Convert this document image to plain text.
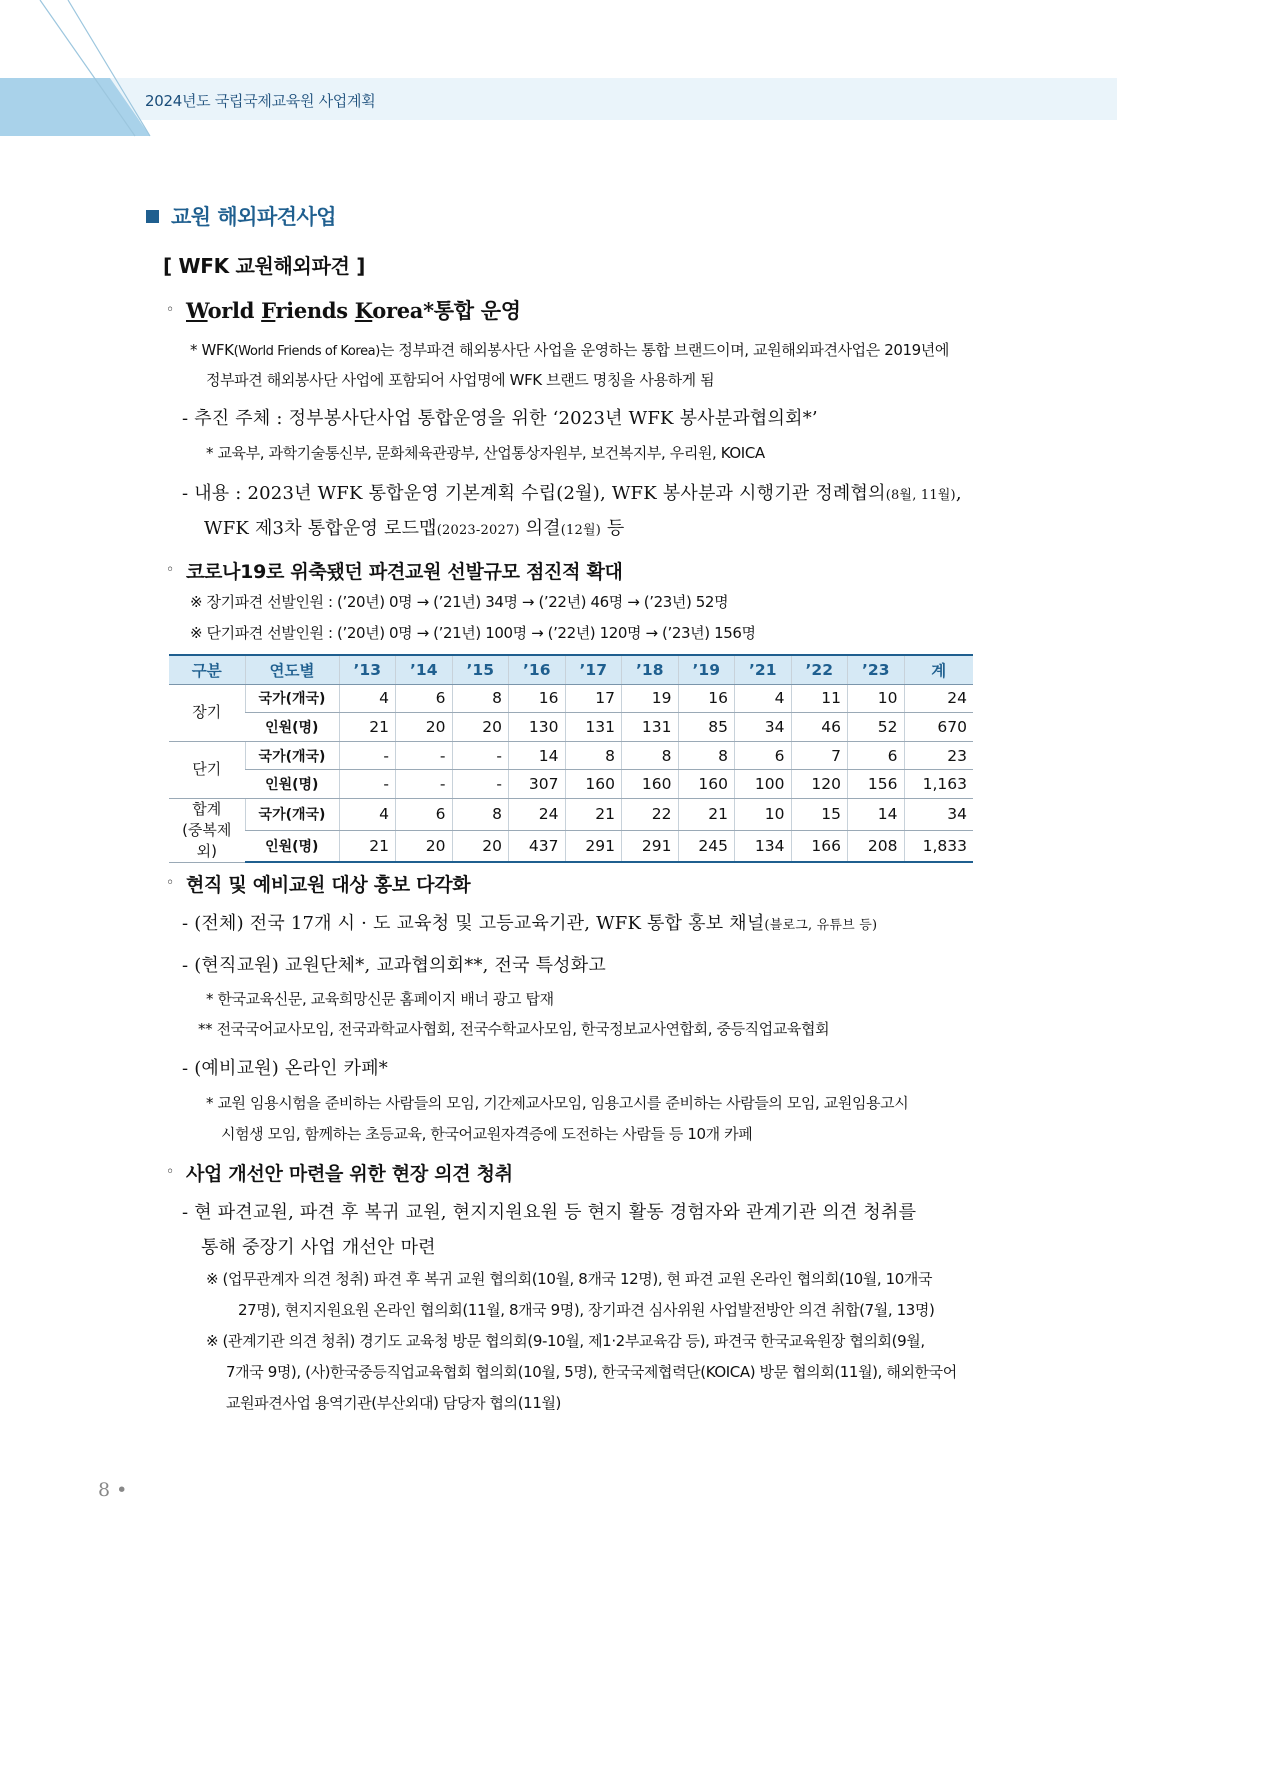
2024년도 국립국제교육원 사업계획
교원 해외파견사업
[ WFK 교원해외파견 ]
◦ World Friends Korea*통합 운영
* WFK(World Friends of Korea)는 정부파견 해외봉사단 사업을 운영하는 통합 브랜드이며, 교원해외파견사업은 2019년에
정부파견 해외봉사단 사업에 포함되어 사업명에 WFK 브랜드 명칭을 사용하게 됨
- 추진 주체 : 정부봉사단사업 통합운영을 위한 ‘2023년 WFK 봉사분과협의회*’
* 교육부, 과학기술통신부, 문화체육관광부, 산업통상자원부, 보건복지부, 우리원, KOICA
- 내용 : 2023년 WFK 통합운영 기본계획 수립(2월), WFK 봉사분과 시행기관 정례협의(8월, 11월),
WFK 제3차 통합운영 로드맵(2023-2027) 의결(12월) 등
◦ 코로나19로 위축됐던 파견교원 선발규모 점진적 확대
※ 장기파견 선발인원 : (’20년) 0명 → (’21년) 34명 → (’22년) 46명 → (’23년) 52명
※ 단기파견 선발인원 : (’20년) 0명 → (’21년) 100명 → (’22년) 120명 → (’23년) 156명
구분	연도별	’13	’14	’15	’16	’17	’18	’19	’21	’22	’23	계

장기	국가(개국)	4	6	8	16	17	19	16	4	11	10	24
	인원(명)	21	20	20	130	131	131	85	34	46	52	670

단기	국가(개국)	-	-	-	14	8	8	8	6	7	6	23
	인원(명)	-	-	-	307	160	160	160	100	120	156	1,163

합계
(중복제외)	국가(개국)	4	6	8	24	21	22	21	10	15	14	34
	인원(명)	21	20	20	437	291	291	245	134	166	208	1,833
◦ 현직 및 예비교원 대상 홍보 다각화
- (전체) 전국 17개 시 · 도 교육청 및 고등교육기관, WFK 통합 홍보 채널(블로그, 유튜브 등)
- (현직교원) 교원단체*, 교과협의회**, 전국 특성화고
* 한국교육신문, 교육희망신문 홈페이지 배너 광고 탑재
** 전국국어교사모임, 전국과학교사협회, 전국수학교사모임, 한국정보교사연합회, 중등직업교육협회
- (예비교원) 온라인 카페*
* 교원 임용시험을 준비하는 사람들의 모임, 기간제교사모임, 임용고시를 준비하는 사람들의 모임, 교원임용고시
시험생 모임, 함께하는 초등교육, 한국어교원자격증에 도전하는 사람들 등 10개 카페
◦ 사업 개선안 마련을 위한 현장 의견 청취
- 현 파견교원, 파견 후 복귀 교원, 현지지원요원 등 현지 활동 경험자와 관계기관 의견 청취를
통해 중장기 사업 개선안 마련
※ (업무관계자 의견 청취) 파견 후 복귀 교원 협의회(10월, 8개국 12명), 현 파견 교원 온라인 협의회(10월, 10개국
27명), 현지지원요원 온라인 협의회(11월, 8개국 9명), 장기파견 심사위원 사업발전방안 의견 취합(7월, 13명)
※ (관계기관 의견 청취) 경기도 교육청 방문 협의회(9-10월, 제1·2부교육감 등), 파견국 한국교육원장 협의회(9월,
7개국 9명), (사)한국중등직업교육협회 협의회(10월, 5명), 한국국제협력단(KOICA) 방문 협의회(11월), 해외한국어
교원파견사업 용역기관(부산외대) 담당자 협의(11월)
8 •
